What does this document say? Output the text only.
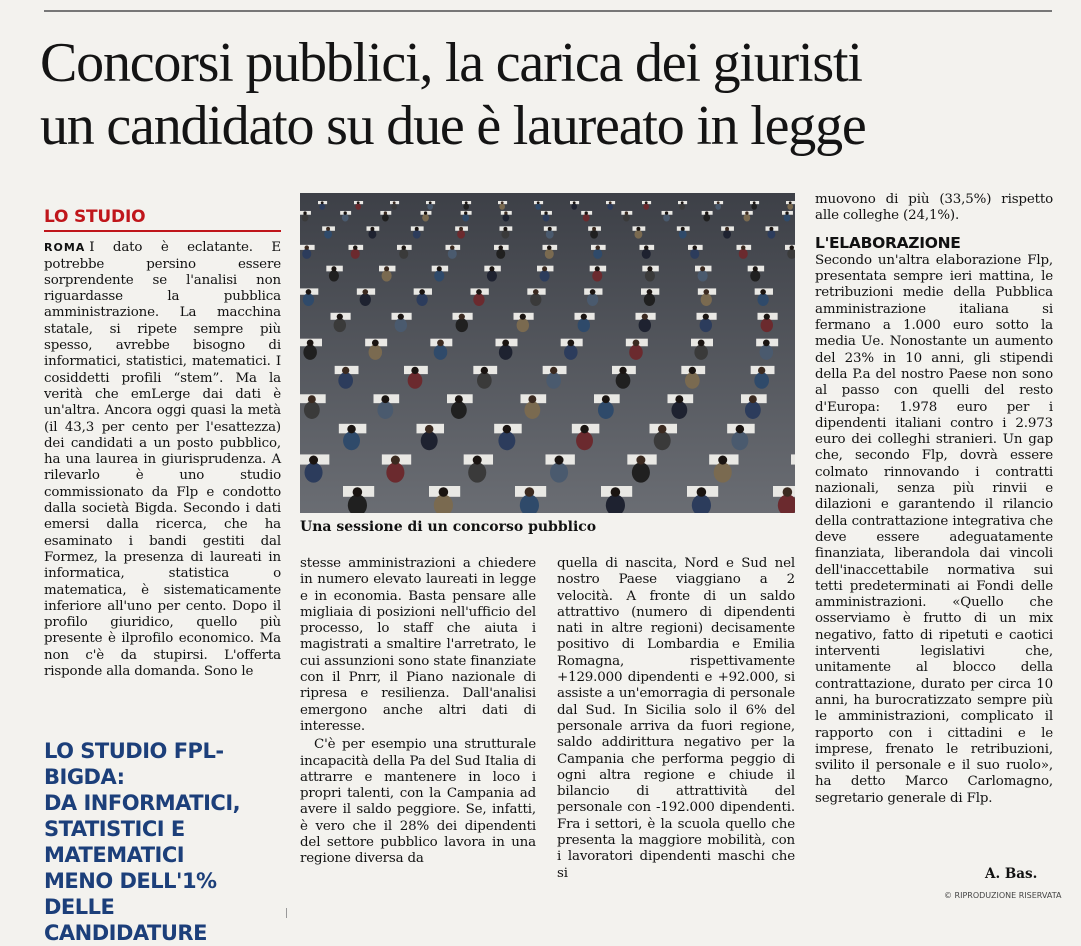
Concorsi pubblici, la carica dei giuristi
un candidato su due è laureato in legge
LO STUDIO

ROMA I dato è eclatante. E potrebbe persino essere sorprendente se l'analisi non riguardasse la pubblica amministrazione. La macchina statale, si ripete sempre più spesso, avrebbe bisogno di informatici, statistici, matematici. I cosiddetti profili “stem”. Ma la verità che emLerge dai dati è un'altra. Ancora oggi quasi la metà (il 43,3 per cento per l'esattezza) dei candidati a un posto pubblico, ha una laurea in giurisprudenza. A rilevarlo è uno studio commissionato da Flp e condotto dalla società Bigda. Secondo i dati emersi dalla ricerca, che ha esaminato i bandi gestiti dal Formez, la presenza di laureati in informatica, statistica o matematica, è sistematicamente inferiore all'uno per cento. Dopo il profilo giuridico, quello più presente è ilprofilo economico. Ma non c'è da stupirsi. L'offerta risponde alla domanda. Sono le

LO STUDIO FPL-BIGDA:
DA INFORMATICI,
STATISTICI E
MATEMATICI
MENO DELL'1%
DELLE CANDIDATURE
Una sessione di un concorso pubblico

stesse amministrazioni a chiedere in numero elevato laureati in legge e in economia. Basta pensare alle migliaia di posizioni nell'ufficio del processo, lo staff che aiuta i magistrati a smaltire l'arretrato, le cui assunzioni sono state finanziate con il Pnrr, il Piano nazionale di ripresa e resilienza. Dall'analisi emergono anche altri dati di interesse.

C'è per esempio una strutturale incapacità della Pa del Sud Italia di attrarre e mantenere in loco i propri talenti, con la Campania ad avere il saldo peggiore. Se, infatti, è vero che il 28% dei dipendenti del settore pubblico lavora in una regione diversa da

quella di nascita, Nord e Sud nel nostro Paese viaggiano a 2 velocità. A fronte di un saldo attrattivo (numero di dipendenti nati in altre regioni) decisamente positivo di Lombardia e Emilia Romagna, rispettivamente +129.000 dipendenti e +92.000, si assiste a un'emorragia di personale dal Sud. In Sicilia solo il 6% del personale arriva da fuori regione, saldo addirittura negativo per la Campania che performa peggio di ogni altra regione e chiude il bilancio di attrattività del personale con -192.000 dipendenti. Fra i settori, è la scuola quello che presenta la maggiore mobilità, con i lavoratori dipendenti maschi che si

muovono di più (33,5%) rispetto alle colleghe (24,1%).

L'ELABORAZIONE

Secondo un'altra elaborazione Flp, presentata sempre ieri mattina, le retribuzioni medie della Pubblica amministrazione italiana si fermano a 1.000 euro sotto la media Ue. Nonostante un aumento del 23% in 10 anni, gli stipendi della P.a del nostro Paese non sono al passo con quelli del resto d'Europa: 1.978 euro per i dipendenti italiani contro i 2.973 euro dei colleghi stranieri. Un gap che, secondo Flp, dovrà essere colmato rinnovando i contratti nazionali, senza più rinvii e dilazioni e garantendo il rilancio della contrattazione integrativa che deve essere adeguatamente finanziata, liberandola dai vincoli dell'inaccettabile normativa sui tetti predeterminati ai Fondi delle amministrazioni. «Quello che osserviamo è frutto di un mix negativo, fatto di ripetuti e caotici interventi legislativi che, unitamente al blocco della contrattazione, durato per circa 10 anni, ha burocratizzato sempre più le amministrazioni, complicato il rapporto con i cittadini e le imprese, frenato le retribuzioni, svilito il personale e il suo ruolo», ha detto Marco Carlomagno, segretario generale di Flp.

A. Bas.
© RIPRODUZIONE RISERVATA
